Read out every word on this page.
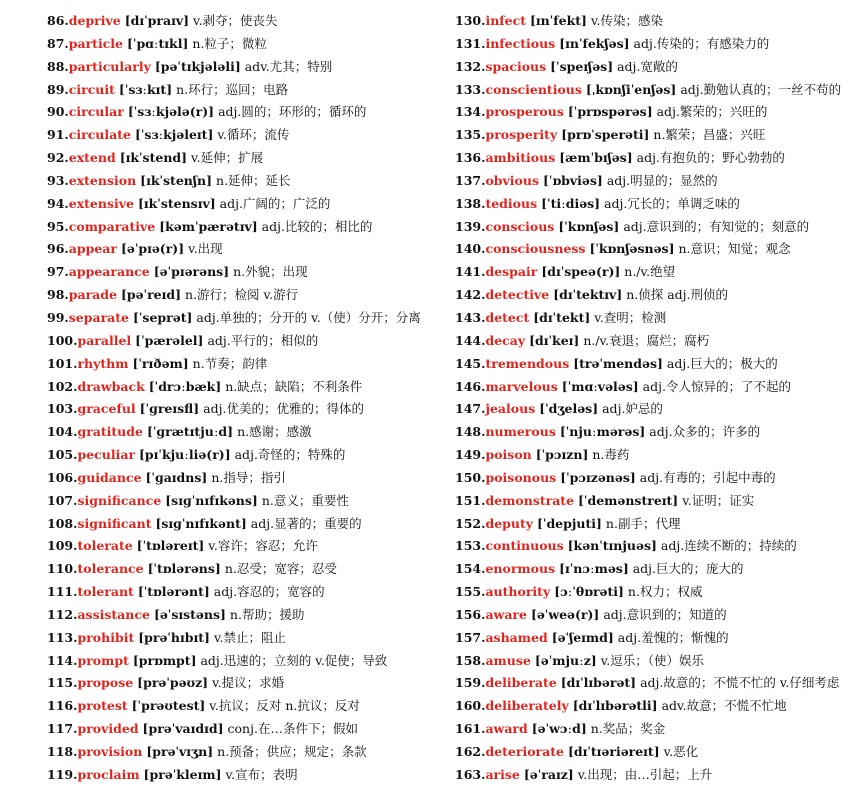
86.deprive [dɪˈpraɪv] v.剥夺；使丧失
87.particle [ˈpɑːtɪkl] n.粒子；微粒
88.particularly [pəˈtɪkjələli] adv.尤其；特别
89.circuit [ˈsɜːkɪt] n.环行；巡回；电路
90.circular [ˈsɜːkjələ(r)] adj.圆的；环形的；循环的
91.circulate [ˈsɜːkjəleɪt] v.循环；流传
92.extend [ɪkˈstend] v.延伸；扩展
93.extension [ɪkˈstenʃn] n.延伸；延长
94.extensive [ɪkˈstensɪv] adj.广阔的；广泛的
95.comparative [kəmˈpærətɪv] adj.比较的；相比的
96.appear [əˈpɪə(r)] v.出现
97.appearance [əˈpɪərəns] n.外貌；出现
98.parade [pəˈreɪd] n.游行；检阅 v.游行
99.separate [ˈseprət] adj.单独的；分开的 v.（使）分开；分离
100.parallel [ˈpærəlel] adj.平行的；相似的
101.rhythm [ˈrɪðəm] n.节奏；韵律
102.drawback [ˈdrɔːbæk] n.缺点；缺陷；不利条件
103.graceful [ˈɡreɪsfl] adj.优美的；优雅的；得体的
104.gratitude [ˈɡrætɪtjuːd] n.感谢；感激
105.peculiar [pɪˈkjuːliə(r)] adj.奇怪的；特殊的
106.guidance [ˈɡaɪdns] n.指导；指引
107.significance [sɪɡˈnɪfɪkəns] n.意义；重要性
108.significant [sɪɡˈnɪfɪkənt] adj.显著的；重要的
109.tolerate [ˈtɒləreɪt] v.容许；容忍；允许
110.tolerance [ˈtɒlərəns] n.忍受；宽容；忍受
111.tolerant [ˈtɒlərənt] adj.容忍的；宽容的
112.assistance [əˈsɪstəns] n.帮助；援助
113.prohibit [prəˈhɪbɪt] v.禁止；阻止
114.prompt [prɒmpt] adj.迅速的；立刻的 v.促使；导致
115.propose [prəˈpəʊz] v.提议；求婚
116.protest [ˈprəʊtest] v.抗议；反对 n.抗议；反对
117.provided [prəˈvaɪdɪd] conj.在…条件下；假如
118.provision [prəˈvɪʒn] n.预备；供应；规定；条款
119.proclaim [prəˈkleɪm] v.宣布；表明
130.infect [ɪnˈfekt] v.传染；感染
131.infectious [ɪnˈfekʃəs] adj.传染的；有感染力的
132.spacious [ˈspeɪʃəs] adj.宽敞的
133.conscientious [ˌkɒnʃiˈenʃəs] adj.勤勉认真的；一丝不苟的
134.prosperous [ˈprɒspərəs] adj.繁荣的；兴旺的
135.prosperity [prɒˈsperəti] n.繁荣；昌盛；兴旺
136.ambitious [æmˈbɪʃəs] adj.有抱负的；野心勃勃的
137.obvious [ˈɒbviəs] adj.明显的；显然的
138.tedious [ˈtiːdiəs] adj.冗长的；单调乏味的
139.conscious [ˈkɒnʃəs] adj.意识到的；有知觉的；刻意的
140.consciousness [ˈkɒnʃəsnəs] n.意识；知觉；观念
141.despair [dɪˈspeə(r)] n./v.绝望
142.detective [dɪˈtektɪv] n.侦探 adj.刑侦的
143.detect [dɪˈtekt] v.查明；检测
144.decay [dɪˈkeɪ] n./v.衰退；腐烂；腐朽
145.tremendous [trəˈmendəs] adj.巨大的；极大的
146.marvelous [ˈmɑːvələs] adj.令人惊异的；了不起的
147.jealous [ˈdʒeləs] adj.妒忌的
148.numerous [ˈnjuːmərəs] adj.众多的；许多的
149.poison [ˈpɔɪzn] n.毒药
150.poisonous [ˈpɔɪzənəs] adj.有毒的；引起中毒的
151.demonstrate [ˈdemənstreɪt] v.证明；证实
152.deputy [ˈdepjuti] n.副手；代理
153.continuous [kənˈtɪnjuəs] adj.连续不断的；持续的
154.enormous [ɪˈnɔːməs] adj.巨大的；庞大的
155.authority [ɔːˈθɒrəti] n.权力；权威
156.aware [əˈweə(r)] adj.意识到的；知道的
157.ashamed [əˈʃeɪmd] adj.羞愧的；惭愧的
158.amuse [əˈmjuːz] v.逗乐；（使）娱乐
159.deliberate [dɪˈlɪbərət] adj.故意的；不慌不忙的 v.仔细考虑
160.deliberately [dɪˈlɪbərətli] adv.故意；不慌不忙地
161.award [əˈwɔːd] n.奖品；奖金
162.deteriorate [dɪˈtɪəriəreɪt] v.恶化
163.arise [əˈraɪz] v.出现；由…引起；上升
